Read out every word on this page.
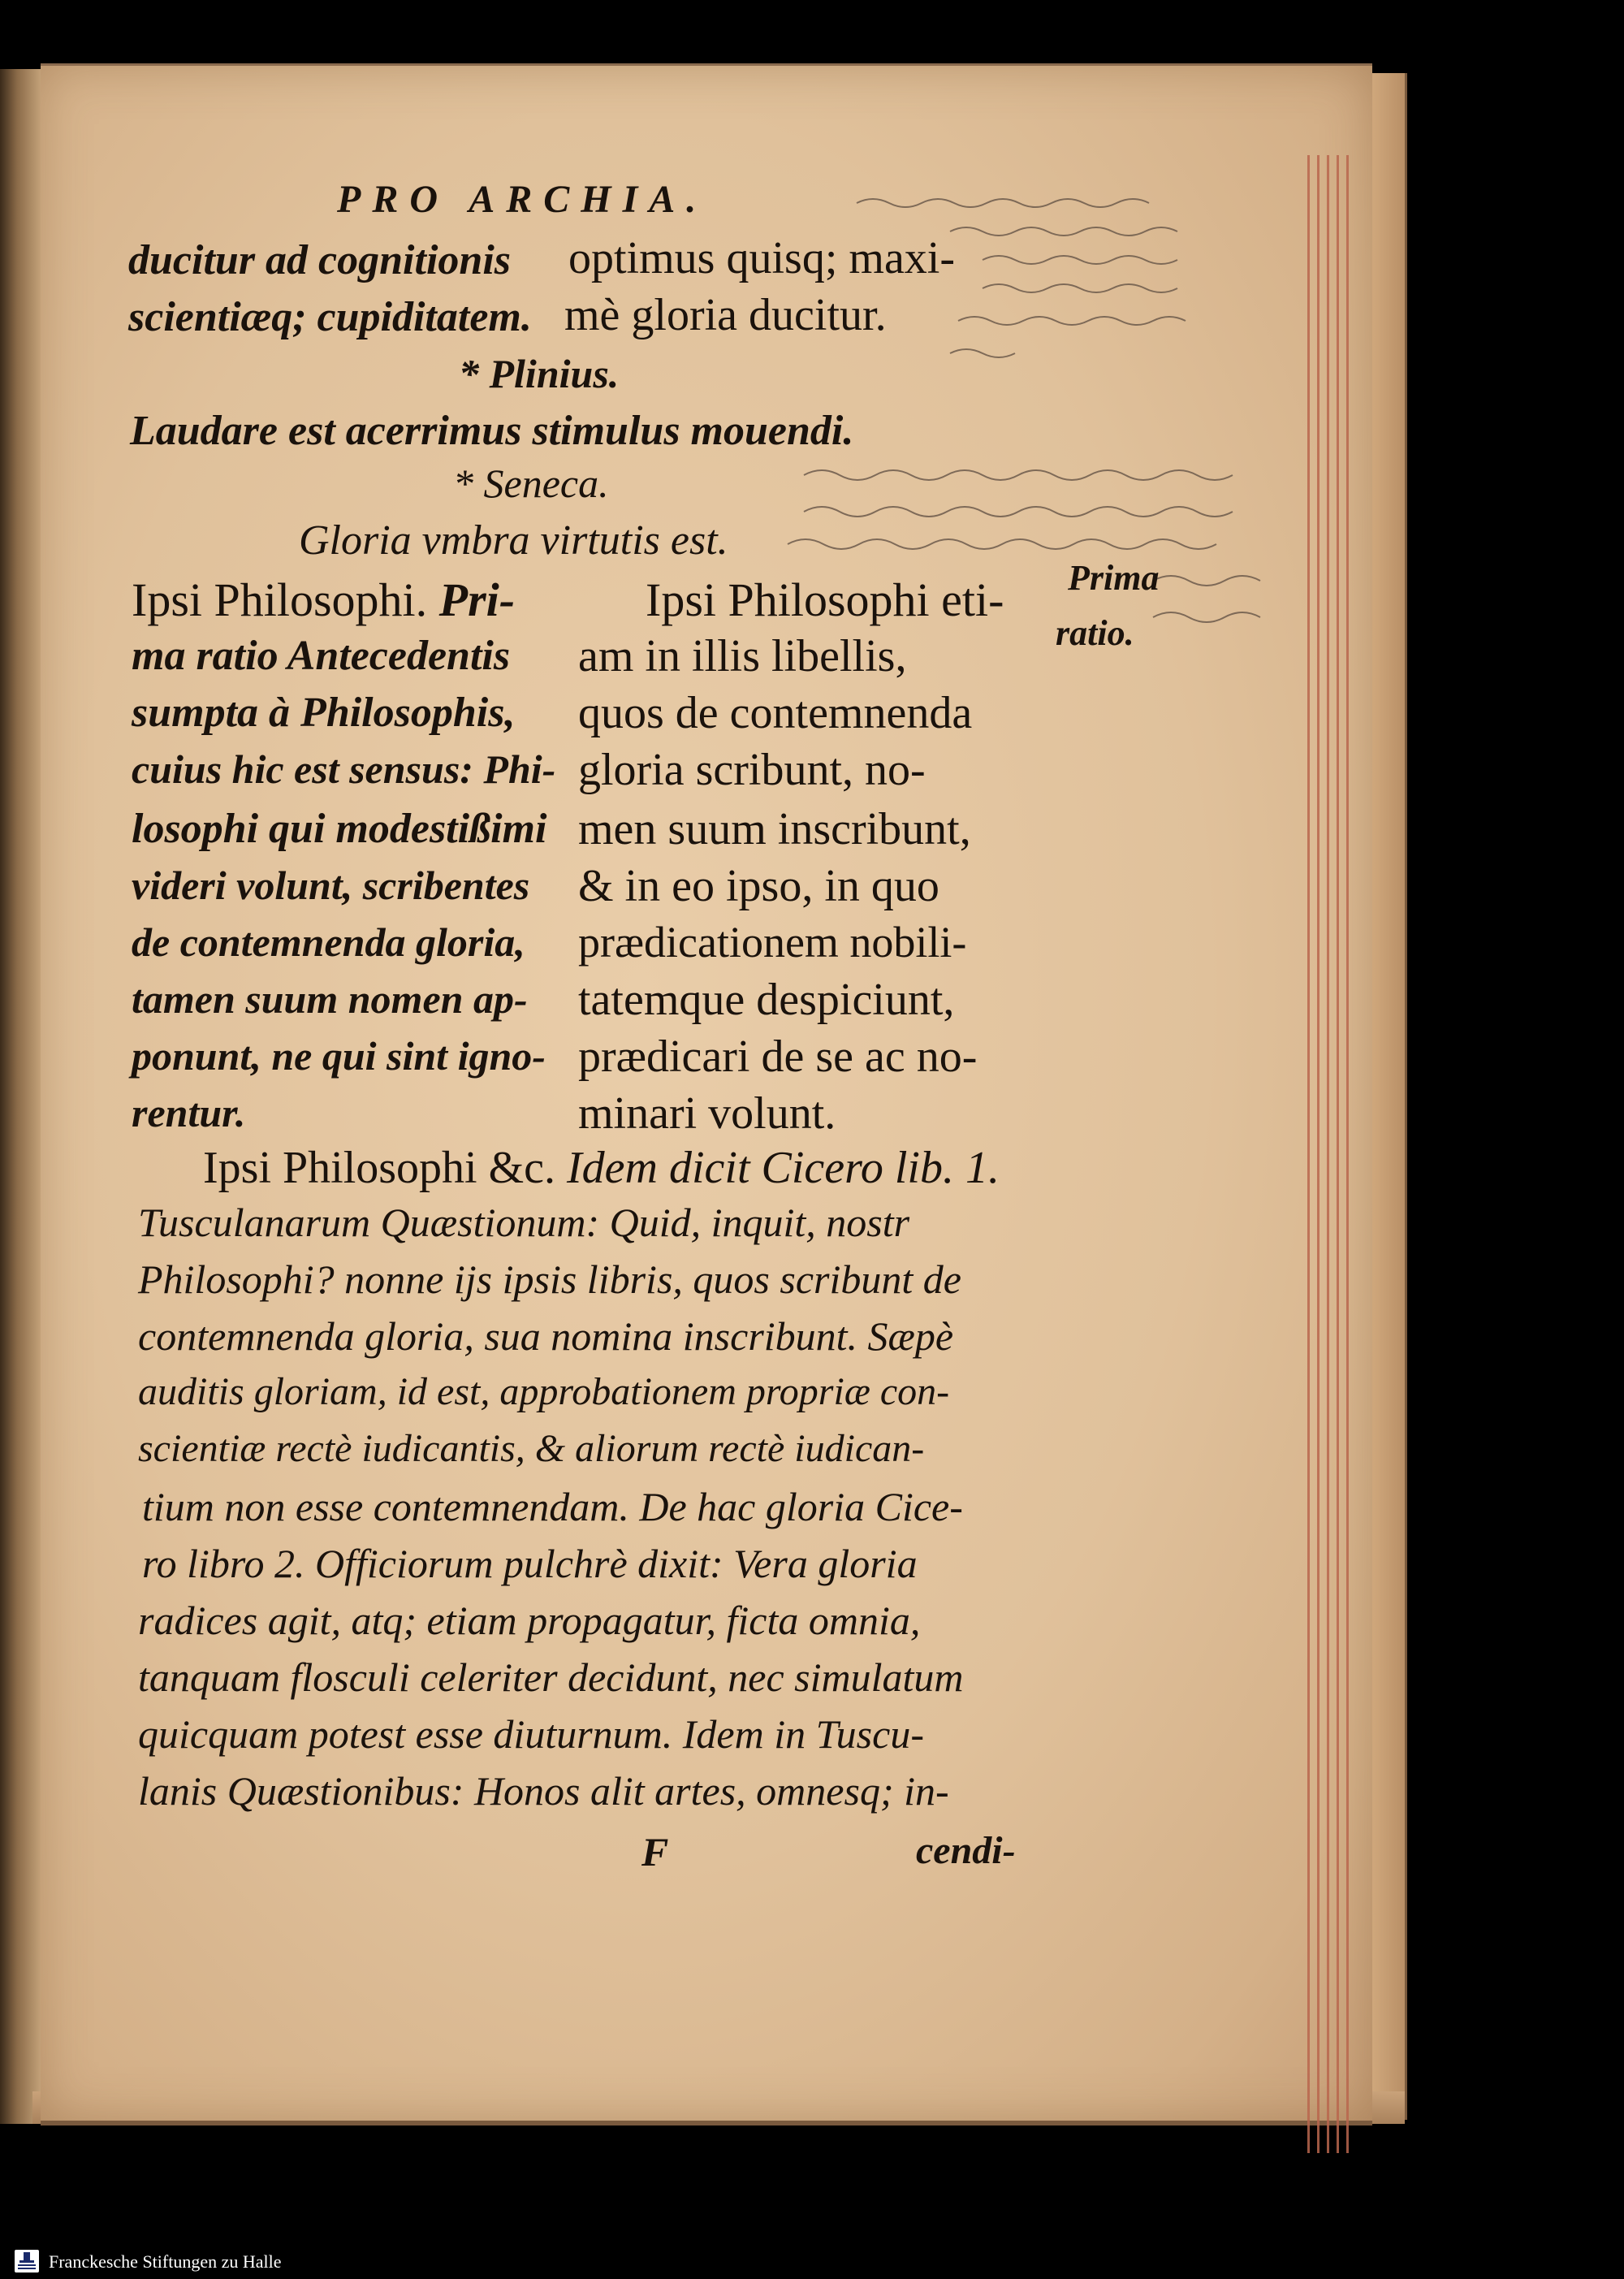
PRO ARCHIA.
ducitur ad cognitionis optimus quisq; maxi-
scientiæq; cupiditatem. mè gloria ducitur.
* Plinius.
Laudare est acerrimus stimulus mouendi.
* Seneca.
Gloria vmbra virtutis est.
Ipsi Philosophi. Pri-
ma ratio Antecedentis
sumpta à Philosophis,
cuius hic est sensus: Phi-
losophi qui modestißimi
videri volunt, scribentes
de contemnenda gloria,
tamen suum nomen ap-
ponunt, ne qui sint igno-
rentur.
Ipsi Philosophi eti-
am in illis libellis,
quos de contemnenda
gloria scribunt, no-
men suum inscribunt,
& in eo ipso, in quo
prædicationem nobili-
tatemque despiciunt,
prædicari de se ac no-
minari volunt.
Prima
ratio.
Ipsi Philosophi &c. Idem dicit Cicero lib. 1.
Tusculanarum Quæstionum: Quid, inquit, nostr
Philosophi? nonne ijs ipsis libris, quos scribunt de
contemnenda gloria, sua nomina inscribunt. Sæpè
auditis gloriam, id est, approbationem propriæ con-
scientiæ rectè iudicantis, & aliorum rectè iudican-
tium non esse contemnendam. De hac gloria Cice-
ro libro 2. Officiorum pulchrè dixit: Vera gloria
radices agit, atq; etiam propagatur, ficta omnia,
tanquam flosculi celeriter decidunt, nec simulatum
quicquam potest esse diuturnum. Idem in Tuscu-
lanis Quæstionibus: Honos alit artes, omnesq; in-
F	cendi-
Franckesche Stiftungen zu Halle
